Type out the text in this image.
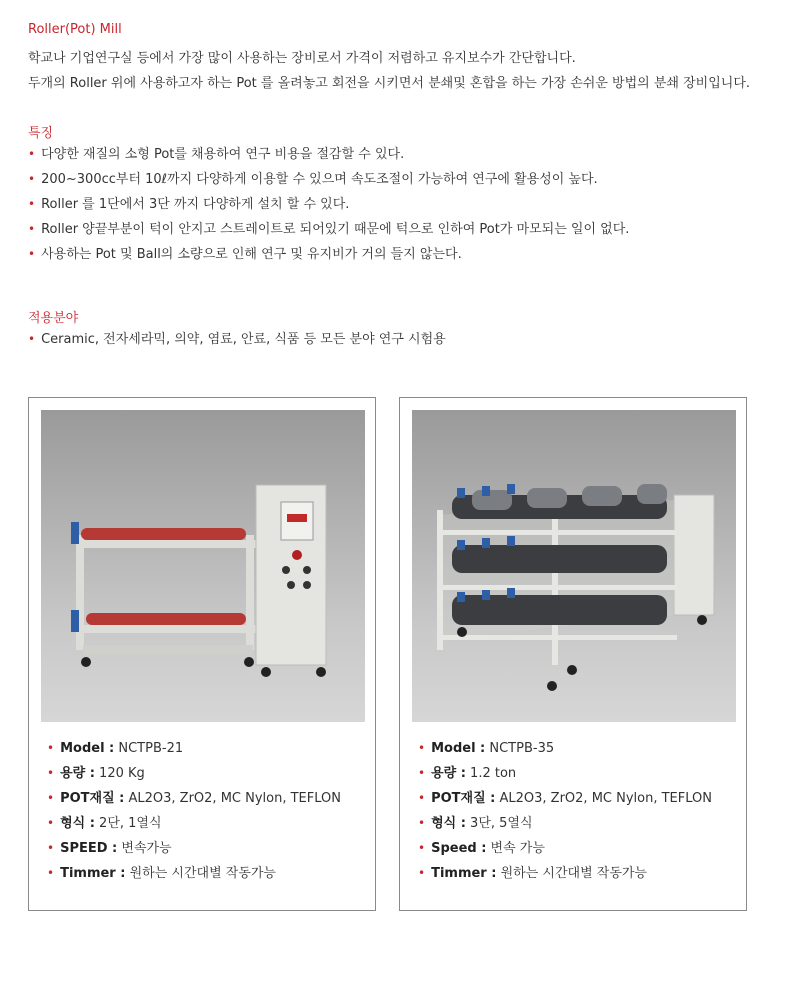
Roller(Pot) Mill
학교나 기업연구실 등에서 가장 많이 사용하는 장비로서 가격이 저렴하고 유지보수가 간단합니다.
두개의 Roller 위에 사용하고자 하는 Pot 를 올려놓고 회전을 시키면서 분쇄및 혼합을 하는 가장 손쉬운 방법의 분쇄 장비입니다.
특징
• 다양한 재질의 소형 Pot를 채용하여 연구 비용을 절감할 수 있다.
• 200~300cc부터 10ℓ까지 다양하게 이용할 수 있으며 속도조절이 가능하여 연구에 활용성이 높다.
• Roller 를 1단에서 3단 까지 다양하게 설치 할 수 있다.
• Roller 양끝부분이 턱이 안지고 스트레이트로 되어있기 때문에 턱으로 인하여 Pot가 마모되는 일이 없다.
• 사용하는 Pot 및 Ball의 소량으로 인해 연구 및 유지비가 거의 들지 않는다.
적용분야
• Ceramic, 전자세라믹, 의약, 염료, 안료, 식품 등 모든 분야 연구 시험용
• Model : NCTPB-21
• 용량 : 120 Kg
• POT재질 : AL2O3, ZrO2, MC Nylon, TEFLON
• 형식 : 2단, 1열식
• SPEED : 변속가능
• Timmer : 원하는 시간대별 작동가능
• Model : NCTPB-35
• 용량 : 1.2 ton
• POT재질 : AL2O3, ZrO2, MC Nylon, TEFLON
• 형식 : 3단, 5열식
• Speed : 변속 가능
• Timmer : 원하는 시간대별 작동가능
